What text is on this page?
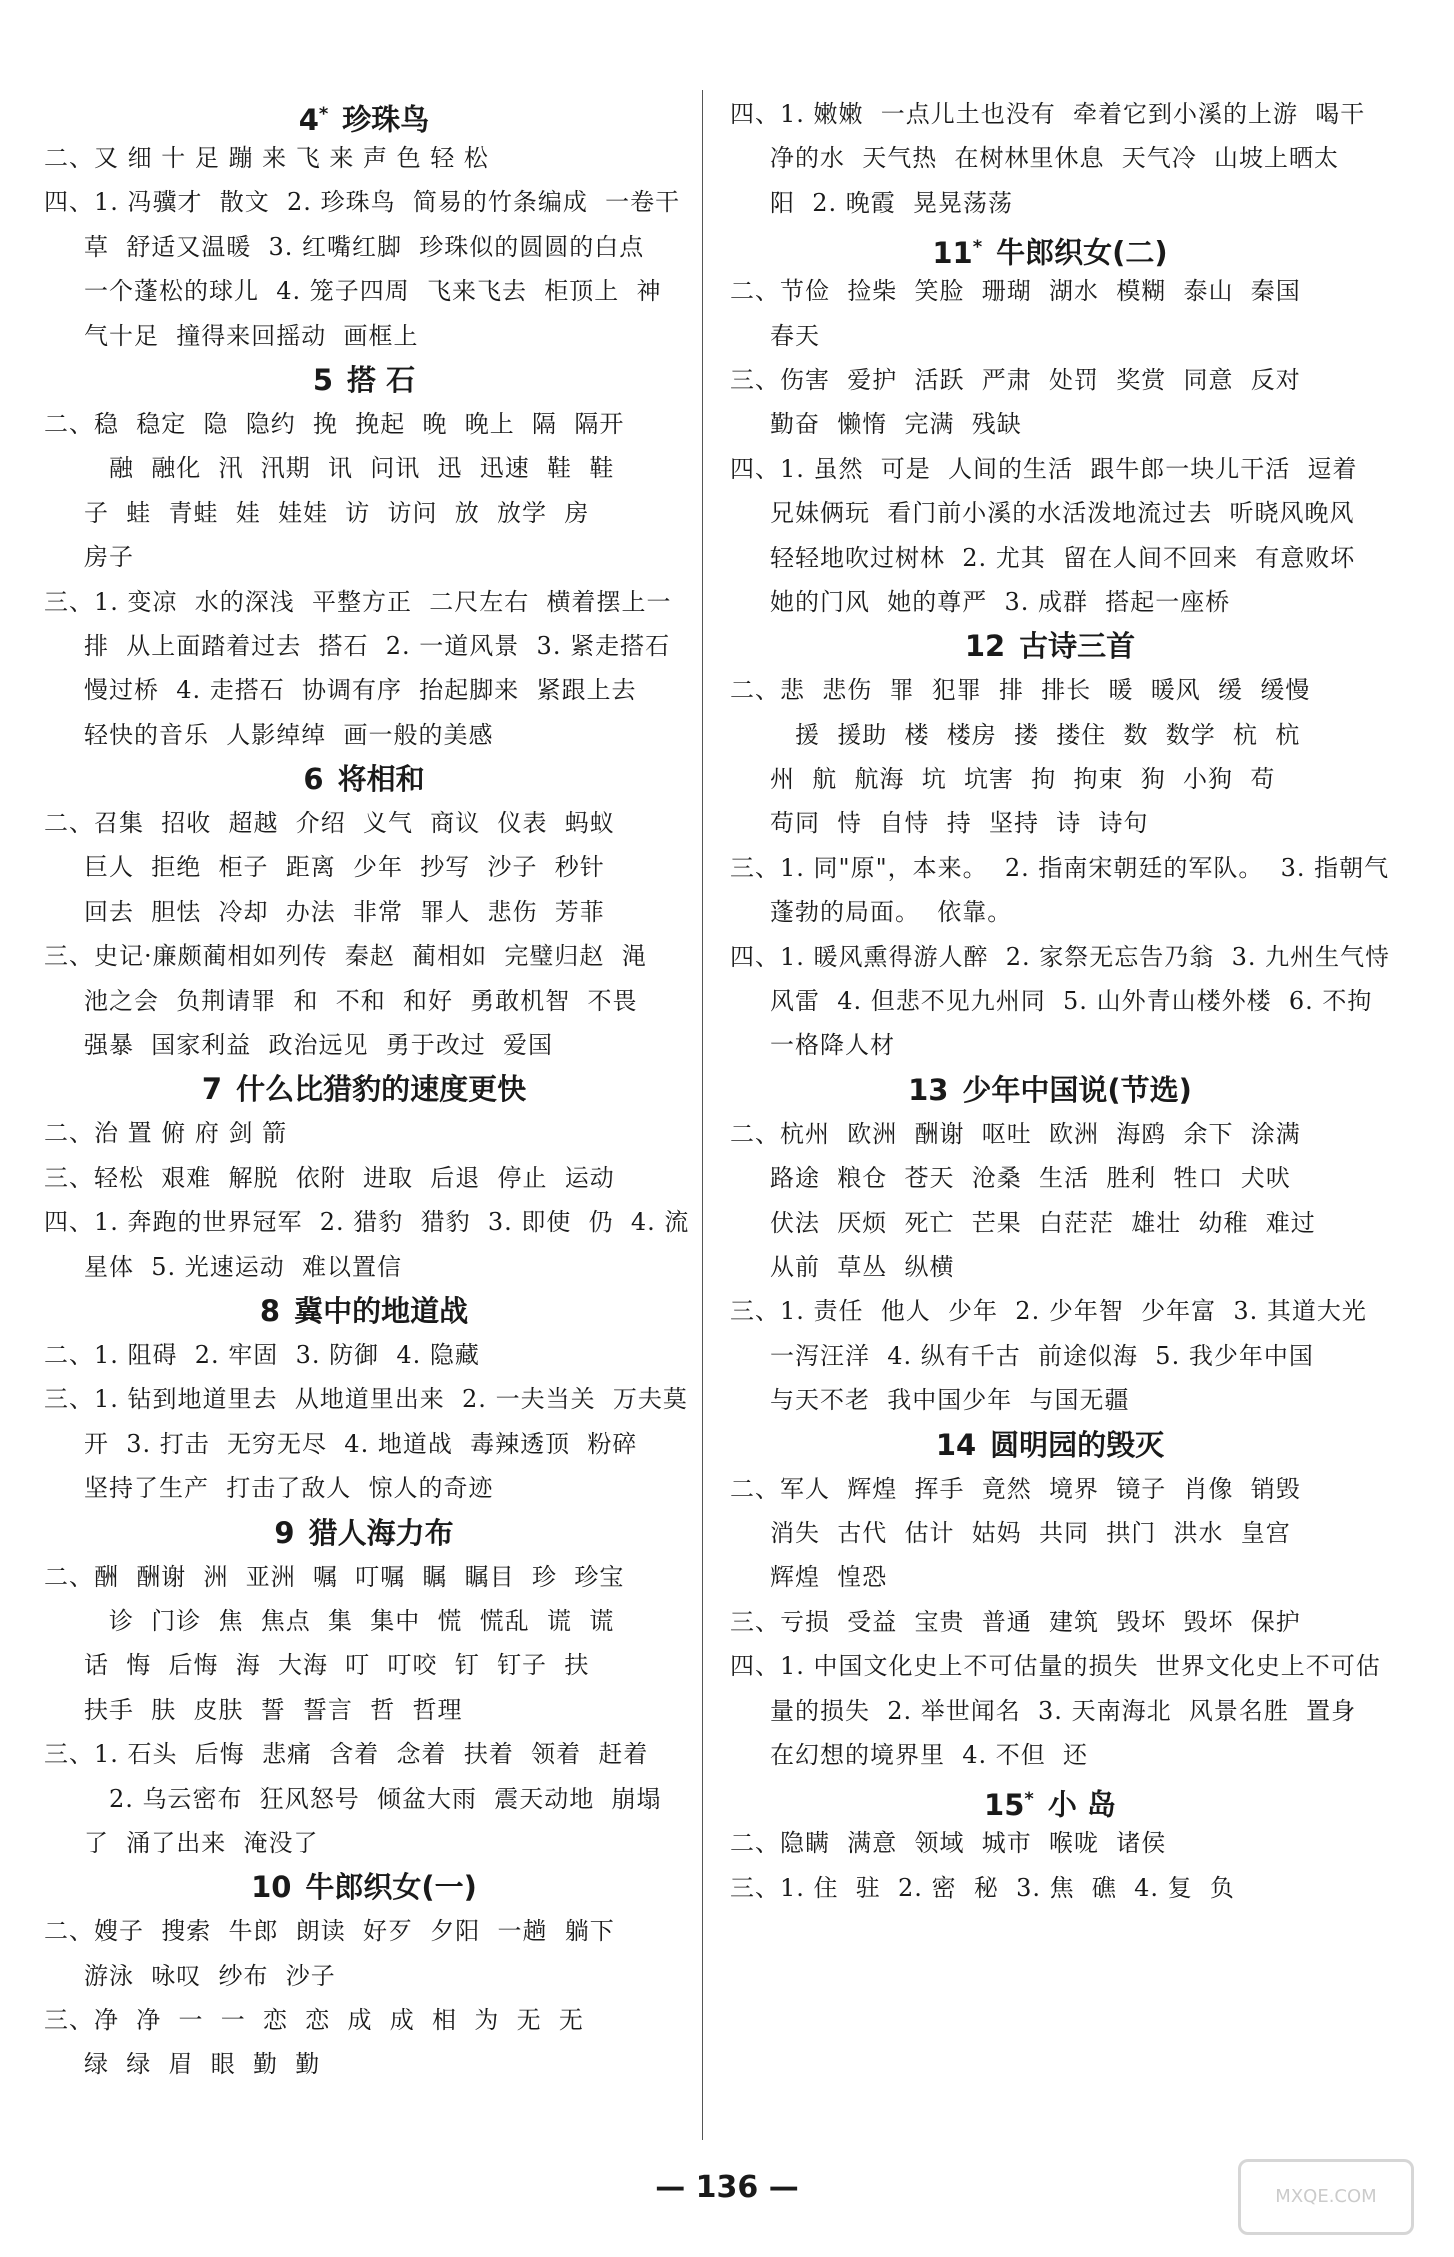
4* 珍珠鸟
二、又 细 十 足 蹦 来 飞 来 声 色 轻 松
四、1. 冯骥才  散文  2. 珍珠鸟  简易的竹条编成  一卷干
草  舒适又温暖  3. 红嘴红脚  珍珠似的圆圆的白点
一个蓬松的球儿  4. 笼子四周  飞来飞去  柜顶上  神
气十足  撞得来回摇动  画框上
5 搭 石
二、稳  稳定  隐  隐约  挽  挽起  晚  晚上  隔  隔开
融  融化  汛  汛期  讯  问讯  迅  迅速  鞋  鞋
子  蛙  青蛙  娃  娃娃  访  访问  放  放学  房
房子
三、1. 变凉  水的深浅  平整方正  二尺左右  横着摆上一
排  从上面踏着过去  搭石  2. 一道风景  3. 紧走搭石
慢过桥  4. 走搭石  协调有序  抬起脚来  紧跟上去
轻快的音乐  人影绰绰  画一般的美感
6 将相和
二、召集  招收  超越  介绍  义气  商议  仪表  蚂蚁
巨人  拒绝  柜子  距离  少年  抄写  沙子  秒针
回去  胆怯  冷却  办法  非常  罪人  悲伤  芳菲
三、史记·廉颇蔺相如列传  秦赵  蔺相如  完璧归赵  渑
池之会  负荆请罪  和  不和  和好  勇敢机智  不畏
强暴  国家利益  政治远见  勇于改过  爱国
7 什么比猎豹的速度更快
二、治 置 俯 府 剑 箭
三、轻松  艰难  解脱  依附  进取  后退  停止  运动
四、1. 奔跑的世界冠军  2. 猎豹  猎豹  3. 即使  仍  4. 流
星体  5. 光速运动  难以置信
8 冀中的地道战
二、1. 阻碍  2. 牢固  3. 防御  4. 隐藏
三、1. 钻到地道里去  从地道里出来  2. 一夫当关  万夫莫
开  3. 打击  无穷无尽  4. 地道战  毒辣透顶  粉碎
坚持了生产  打击了敌人  惊人的奇迹
9 猎人海力布
二、酬  酬谢  洲  亚洲  嘱  叮嘱  瞩  瞩目  珍  珍宝
诊  门诊  焦  焦点  集  集中  慌  慌乱  谎  谎
话  悔  后悔  海  大海  叮  叮咬  钉  钉子  扶
扶手  肤  皮肤  誓  誓言  哲  哲理
三、1. 石头  后悔  悲痛  含着  念着  扶着  领着  赶着
2. 乌云密布  狂风怒号  倾盆大雨  震天动地  崩塌
了  涌了出来  淹没了
10 牛郎织女(一)
二、嫂子  搜索  牛郎  朗读  好歹  夕阳  一趟  躺下
游泳  咏叹  纱布  沙子
三、净  净  一  一  恋  恋  成  成  相  为  无  无
绿  绿  眉  眼  勤  勤
四、1. 嫩嫩  一点儿土也没有  牵着它到小溪的上游  喝干
净的水  天气热  在树林里休息  天气冷  山坡上晒太
阳  2. 晚霞  晃晃荡荡
11* 牛郎织女(二)
二、节俭  捡柴  笑脸  珊瑚  湖水  模糊  泰山  秦国
春天
三、伤害  爱护  活跃  严肃  处罚  奖赏  同意  反对
勤奋  懒惰  完满  残缺
四、1. 虽然  可是  人间的生活  跟牛郎一块儿干活  逗着
兄妹俩玩  看门前小溪的水活泼地流过去  听晓风晚风
轻轻地吹过树林  2. 尤其  留在人间不回来  有意败坏
她的门风  她的尊严  3. 成群  搭起一座桥
12 古诗三首
二、悲  悲伤  罪  犯罪  排  排长  暖  暖风  缓  缓慢
援  援助  楼  楼房  搂  搂住  数  数学  杭  杭
州  航  航海  坑  坑害  拘  拘束  狗  小狗  苟
苟同  恃  自恃  持  坚持  诗  诗句
三、1. 同"原"，本来。  2. 指南宋朝廷的军队。  3. 指朝气
蓬勃的局面。  依靠。
四、1. 暖风熏得游人醉  2. 家祭无忘告乃翁  3. 九州生气恃
风雷  4. 但悲不见九州同  5. 山外青山楼外楼  6. 不拘
一格降人材
13 少年中国说(节选)
二、杭州  欧洲  酬谢  呕吐  欧洲  海鸥  余下  涂满
路途  粮仓  苍天  沧桑  生活  胜利  牲口  犬吠
伏法  厌烦  死亡  芒果  白茫茫  雄壮  幼稚  难过
从前  草丛  纵横
三、1. 责任  他人  少年  2. 少年智  少年富  3. 其道大光
一泻汪洋  4. 纵有千古  前途似海  5. 我少年中国
与天不老  我中国少年  与国无疆
14 圆明园的毁灭
二、军人  辉煌  挥手  竟然  境界  镜子  肖像  销毁
消失  古代  估计  姑妈  共同  拱门  洪水  皇宫
辉煌  惶恐
三、亏损  受益  宝贵  普通  建筑  毁坏  毁坏  保护
四、1. 中国文化史上不可估量的损失  世界文化史上不可估
量的损失  2. 举世闻名  3. 天南海北  风景名胜  置身
在幻想的境界里  4. 不但  还
15* 小 岛
二、隐瞒  满意  领域  城市  喉咙  诸侯
三、1. 住  驻  2. 密  秘  3. 焦  礁  4. 复  负
— 136 —	MXQE.COM
